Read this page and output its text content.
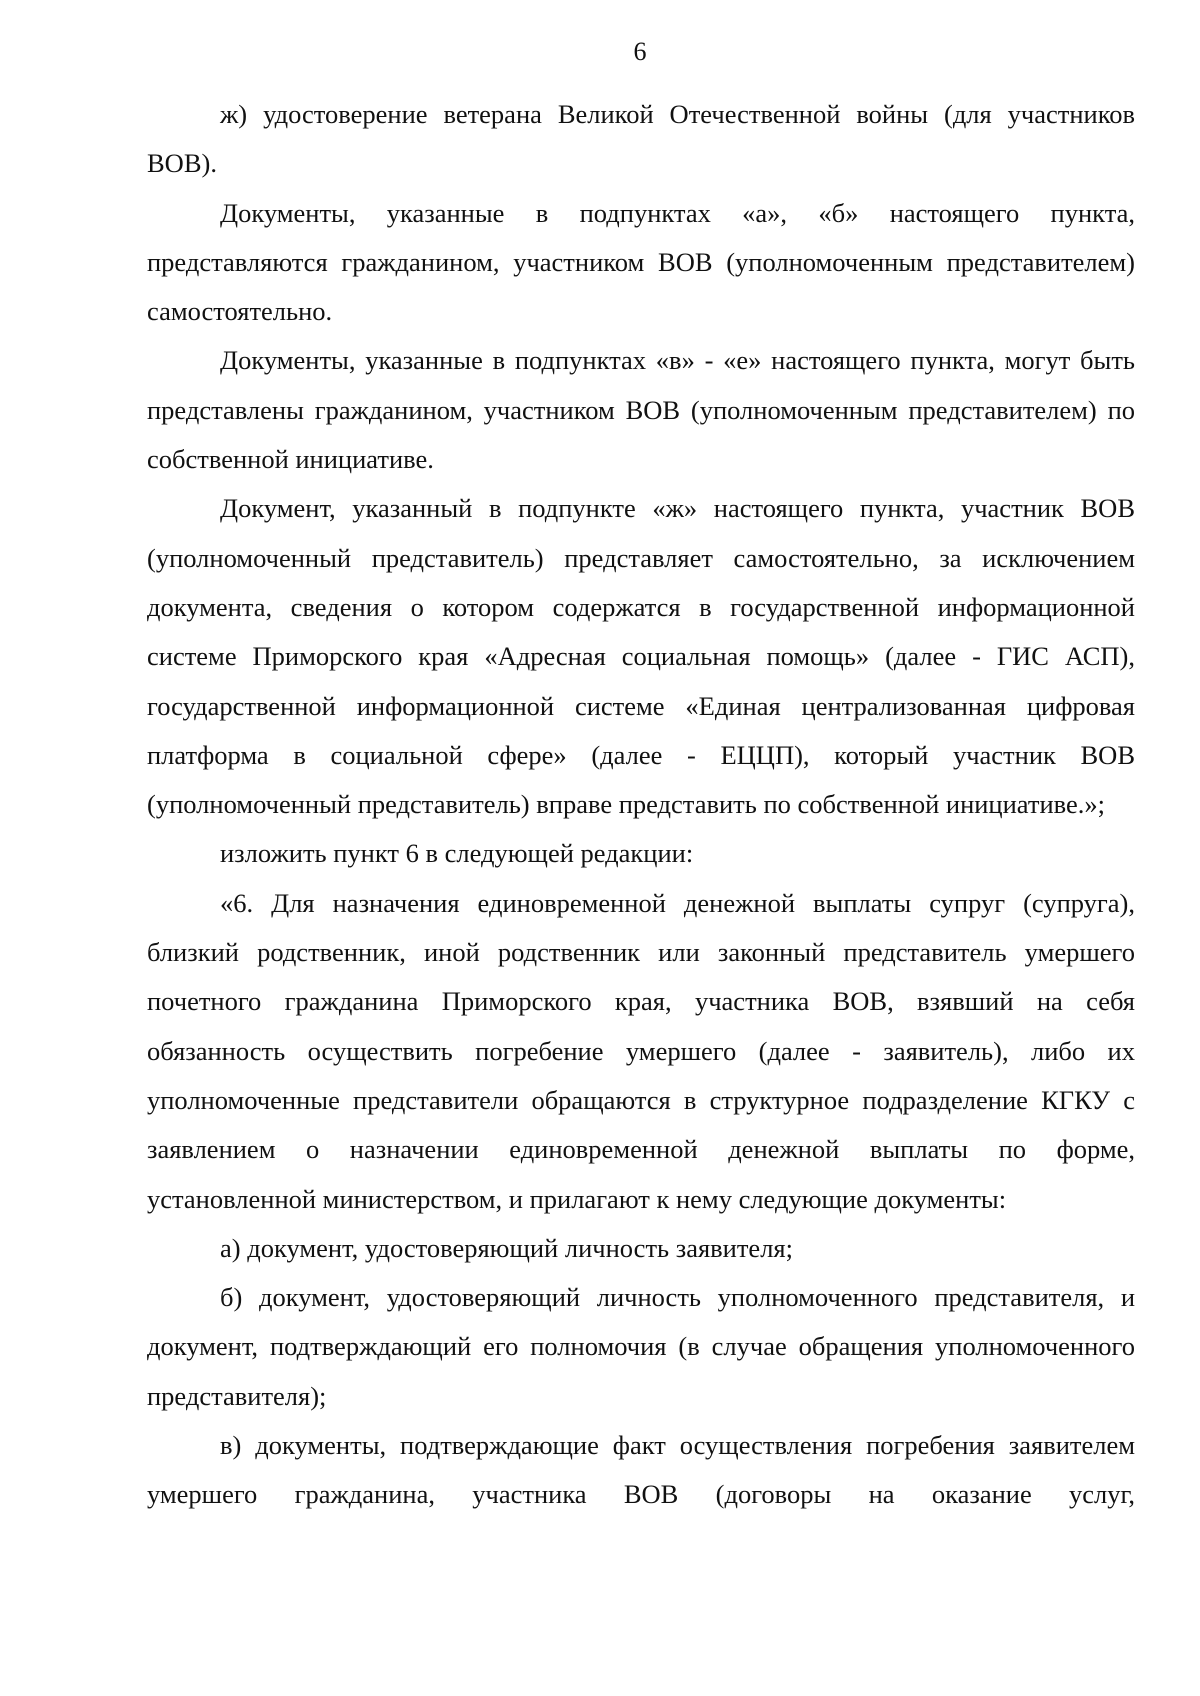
6

ж) удостоверение ветерана Великой Отечественной войны (для участников ВОВ).

Документы, указанные в подпунктах «а», «б» настоящего пункта, представляются гражданином, участником ВОВ (уполномоченным представителем) самостоятельно.

Документы, указанные в подпунктах «в» - «е» настоящего пункта, могут быть представлены гражданином, участником ВОВ (уполномоченным представителем) по собственной инициативе.

Документ, указанный в подпункте «ж» настоящего пункта, участник ВОВ (уполномоченный представитель) представляет самостоятельно, за исключением документа, сведения о котором содержатся в государственной информационной системе Приморского края «Адресная социальная помощь» (далее - ГИС АСП), государственной информационной системе «Единая централизованная цифровая платформа в социальной сфере» (далее - ЕЦЦП), который участник ВОВ (уполномоченный представитель) вправе представить по собственной инициативе.»;

изложить пункт 6 в следующей редакции:

«6. Для назначения единовременной денежной выплаты супруг (супруга), близкий родственник, иной родственник или законный представитель умершего почетного гражданина Приморского края, участника ВОВ, взявший на себя обязанность осуществить погребение умершего (далее - заявитель), либо их уполномоченные представители обращаются в структурное подразделение КГКУ с заявлением о назначении единовременной денежной выплаты по форме, установленной министерством, и прилагают к нему следующие документы:

а) документ, удостоверяющий личность заявителя;

б) документ, удостоверяющий личность уполномоченного представителя, и документ, подтверждающий его полномочия (в случае обращения уполномоченного представителя);

в) документы, подтверждающие факт осуществления погребения заявителем умершего гражданина, участника ВОВ (договоры на оказание услуг,
